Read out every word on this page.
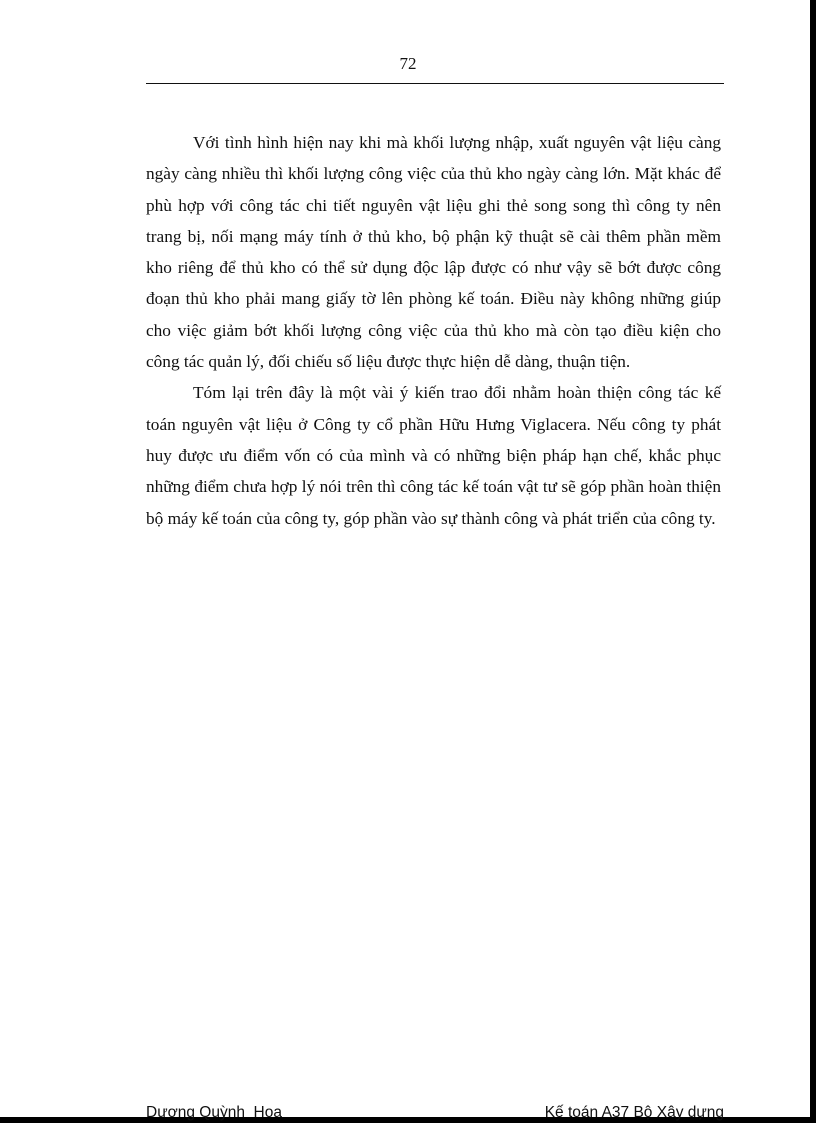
72

Với tình hình hiện nay khi mà khối lượng nhập, xuất nguyên vật liệu càng ngày càng nhiều thì khối lượng công việc của thủ kho ngày càng lớn. Mặt khác để phù hợp với công tác chi tiết nguyên vật liệu ghi thẻ song song thì công ty nên trang bị, nối mạng máy tính ở thủ kho, bộ phận kỹ thuật sẽ cài thêm phần mềm kho riêng để thủ kho có thể sử dụng độc lập được có như vậy sẽ bớt được công đoạn thủ kho phải mang giấy tờ lên phòng kế toán. Điều này không những giúp cho việc giảm bớt khối lượng công việc của thủ kho mà còn tạo điều kiện cho công tác quản lý, đối chiếu số liệu được thực hiện dễ dàng, thuận tiện.

Tóm lại trên đây là một vài ý kiến trao đổi nhằm hoàn thiện công tác kế toán nguyên vật liệu ở Công ty cổ phần Hữu Hưng Viglacera. Nếu công ty phát huy được ưu điểm vốn có của mình và có những biện pháp hạn chế, khắc phục những điểm chưa hợp lý nói trên thì công tác kế toán vật tư sẽ góp phần hoàn thiện bộ máy kế toán của công ty, góp phần vào sự thành công và phát triển của công ty.

Dương Quỳnh  Hoa	Kế toán A37 Bộ Xây dựng
